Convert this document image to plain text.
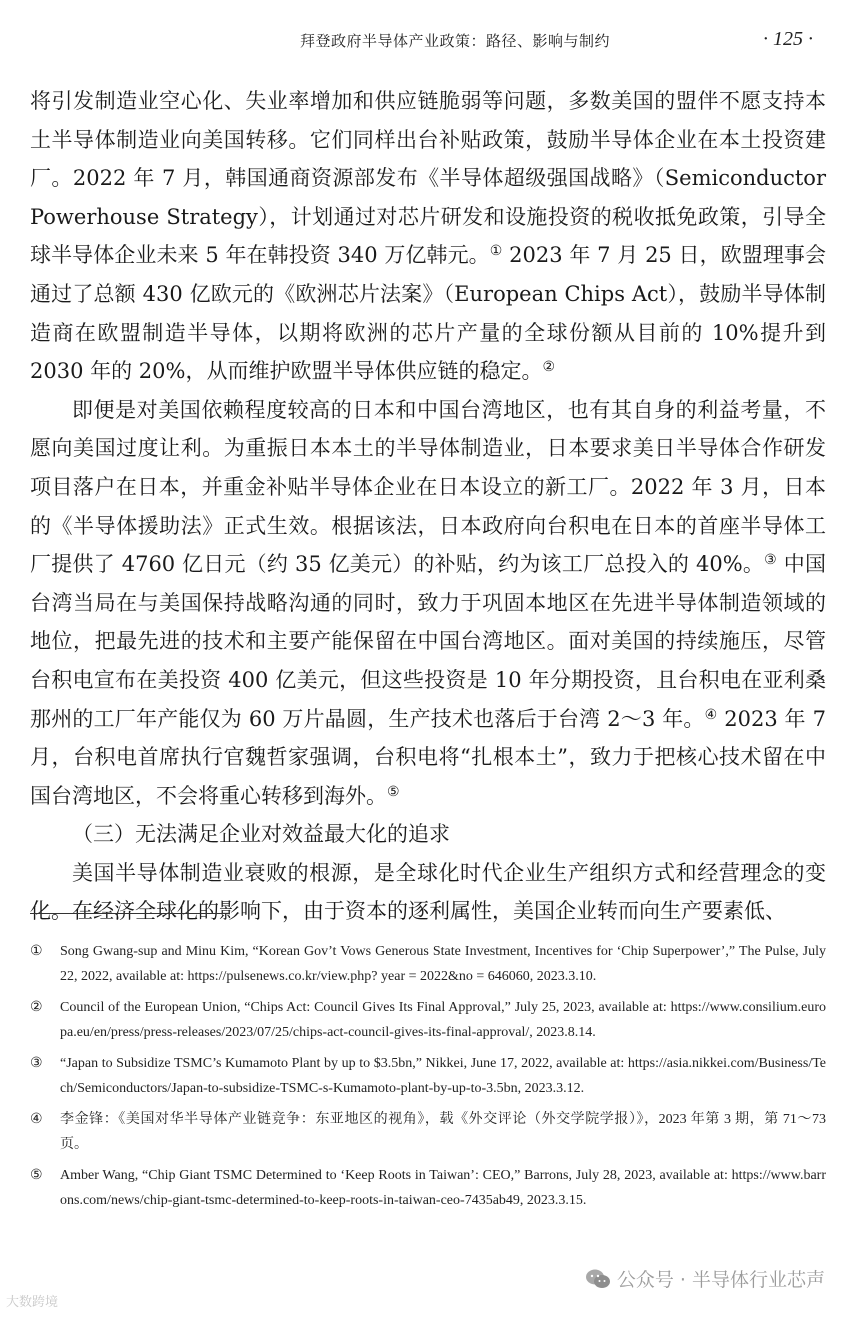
拜登政府半导体产业政策：路径、影响与制约	· 125 ·

将引发制造业空心化、失业率增加和供应链脆弱等问题，多数美国的盟伴不愿支持本土半导体制造业向美国转移。它们同样出台补贴政策，鼓励半导体企业在本土投资建厂。2022 年 7 月，韩国通商资源部发布《半导体超级强国战略》（Semiconductor Powerhouse Strategy），计划通过对芯片研发和设施投资的税收抵免政策，引导全球半导体企业未来 5 年在韩投资 340 万亿韩元。① 2023 年 7 月 25 日，欧盟理事会通过了总额 430 亿欧元的《欧洲芯片法案》（European Chips Act），鼓励半导体制造商在欧盟制造半导体，以期将欧洲的芯片产量的全球份额从目前的 10%提升到 2030 年的 20%，从而维护欧盟半导体供应链的稳定。②

即便是对美国依赖程度较高的日本和中国台湾地区，也有其自身的利益考量，不愿向美国过度让利。为重振日本本土的半导体制造业，日本要求美日半导体合作研发项目落户在日本，并重金补贴半导体企业在日本设立的新工厂。2022 年 3 月，日本的《半导体援助法》正式生效。根据该法，日本政府向台积电在日本的首座半导体工厂提供了 4760 亿日元（约 35 亿美元）的补贴，约为该工厂总投入的 40%。③ 中国台湾当局在与美国保持战略沟通的同时，致力于巩固本地区在先进半导体制造领域的地位，把最先进的技术和主要产能保留在中国台湾地区。面对美国的持续施压，尽管台积电宣布在美投资 400 亿美元，但这些投资是 10 年分期投资，且台积电在亚利桑那州的工厂年产能仅为 60 万片晶圆，生产技术也落后于台湾 2～3 年。④ 2023 年 7 月，台积电首席执行官魏哲家强调，台积电将“扎根本土”，致力于把核心技术留在中国台湾地区，不会将重心转移到海外。⑤

（三）无法满足企业对效益最大化的追求

美国半导体制造业衰败的根源，是全球化时代企业生产组织方式和经营理念的变化。在经济全球化的影响下，由于资本的逐利属性，美国企业转而向生产要素低、

① Song Gwang-sup and Minu Kim, “Korean Gov’t Vows Generous State Investment, Incentives for ‘Chip Superpower’,” The Pulse, July 22, 2022, available at: https://pulsenews.co.kr/view.php? year = 2022&no = 646060, 2023.3.10.
② Council of the European Union, “Chips Act: Council Gives Its Final Approval,” July 25, 2023, available at: https://www.consilium.europa.eu/en/press/press-releases/2023/07/25/chips-act-council-gives-its-final-approval/, 2023.8.14.
③ “Japan to Subsidize TSMC’s Kumamoto Plant by up to $3.5bn,” Nikkei, June 17, 2022, available at: https://asia.nikkei.com/Business/Tech/Semiconductors/Japan-to-subsidize-TSMC-s-Kumamoto-plant-by-up-to-3.5bn, 2023.3.12.
④ 李金锋：《美国对华半导体产业链竞争：东亚地区的视角》，载《外交评论（外交学院学报）》，2023 年第 3 期，第 71～73 页。
⑤ Amber Wang, “Chip Giant TSMC Determined to ‘Keep Roots in Taiwan’: CEO,” Barrons, July 28, 2023, available at: https://www.barrons.com/news/chip-giant-tsmc-determined-to-keep-roots-in-taiwan-ceo-7435ab49, 2023.3.15.
公众号 · 半导体行业芯声
大数跨境
